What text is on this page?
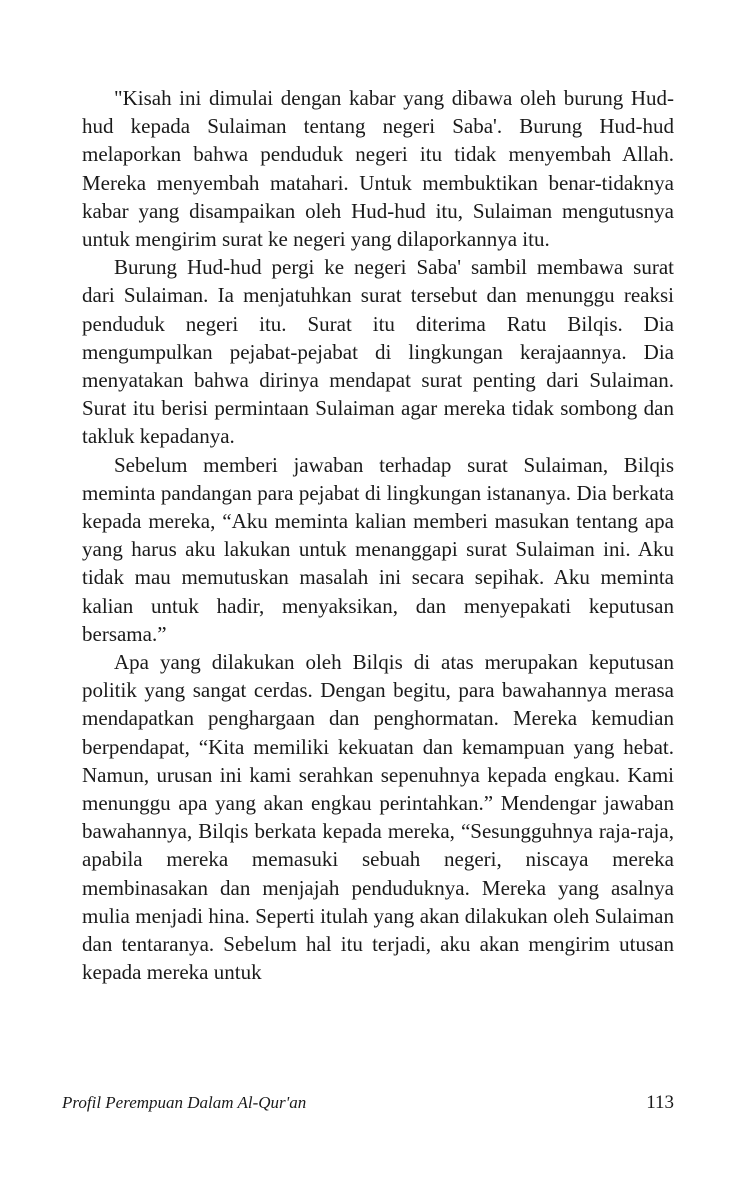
"Kisah ini dimulai dengan kabar yang dibawa oleh burung Hud-hud kepada Sulaiman tentang negeri Saba'. Burung Hud-hud melaporkan bahwa penduduk negeri itu tidak menyembah Allah. Mereka menyembah matahari. Untuk membuktikan benar-tidaknya kabar yang disampaikan oleh Hud-hud itu, Sulaiman mengutusnya untuk mengirim surat ke negeri yang dilaporkannya itu.

Burung Hud-hud pergi ke negeri Saba' sambil membawa surat dari Sulaiman. Ia menjatuhkan surat tersebut dan menunggu reaksi penduduk negeri itu. Surat itu diterima Ratu Bilqis. Dia mengumpulkan pejabat-pejabat di lingkungan kerajaannya. Dia menyatakan bahwa dirinya mendapat surat penting dari Sulaiman. Surat itu berisi permintaan Sulaiman agar mereka tidak sombong dan takluk kepadanya.

Sebelum memberi jawaban terhadap surat Sulaiman, Bilqis meminta pandangan para pejabat di lingkungan istananya. Dia berkata kepada mereka, “Aku meminta kalian memberi masukan tentang apa yang harus aku lakukan untuk menanggapi surat Sulaiman ini. Aku tidak mau memutuskan masalah ini secara sepihak. Aku meminta kalian untuk hadir, menyaksikan, dan menyepakati keputusan bersama.”

Apa yang dilakukan oleh Bilqis di atas merupakan keputusan politik yang sangat cerdas. Dengan begitu, para bawahannya merasa mendapatkan penghargaan dan penghormatan. Mereka kemudian berpendapat, “Kita memiliki kekuatan dan kemampuan yang hebat. Namun, urusan ini kami serahkan sepenuhnya kepada engkau. Kami menunggu apa yang akan engkau perintahkan.” Mendengar jawaban bawahannya, Bilqis berkata kepada mereka, “Sesungguhnya raja-raja, apabila mereka memasuki sebuah negeri, niscaya mereka membinasakan dan menjajah penduduknya. Mereka yang asalnya mulia menjadi hina. Seperti itulah yang akan dilakukan oleh Sulaiman dan tentaranya. Sebelum hal itu terjadi, aku akan mengirim utusan kepada mereka untuk

Profil Perempuan Dalam Al-Qur'an	113
